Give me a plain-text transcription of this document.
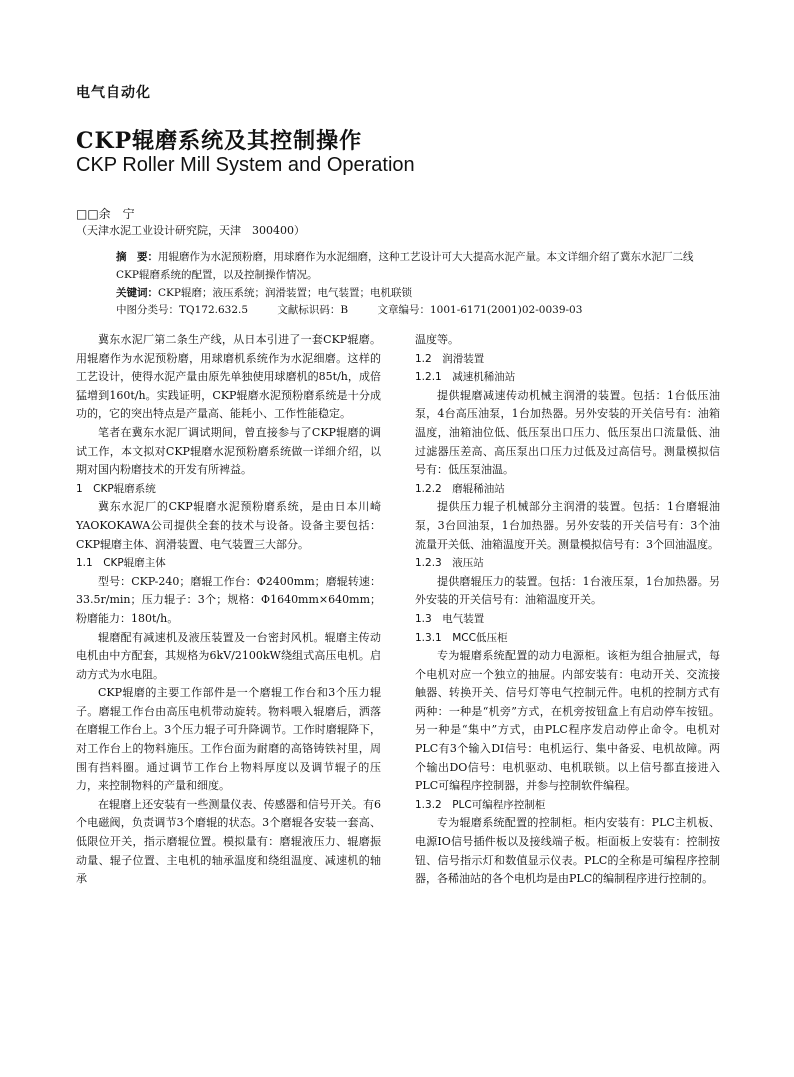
电气自动化
CKP辊磨系统及其控制操作
CKP Roller Mill System and Operation
□□余　宁
（天津水泥工业设计研究院，天津　300400）

摘　要：用辊磨作为水泥预粉磨，用球磨作为水泥细磨，这种工艺设计可大大提高水泥产量。本文详细介绍了冀东水泥厂二线CKP辊磨系统的配置，以及控制操作情况。

关键词：CKP辊磨；液压系统；润滑装置；电气装置；电机联锁

中图分类号：TQ172.632.5	文献标识码：B	文章编号：1001-6171(2001)02-0039-03

冀东水泥厂第二条生产线，从日本引进了一套CKP辊磨。用辊磨作为水泥预粉磨，用球磨机系统作为水泥细磨。这样的工艺设计，使得水泥产量由原先单独使用球磨机的85t/h，成倍猛增到160t/h。实践证明，CKP辊磨水泥预粉磨系统是十分成功的，它的突出特点是产量高、能耗小、工作性能稳定。

笔者在冀东水泥厂调试期间，曾直接参与了CKP辊磨的调试工作，本文拟对CKP辊磨水泥预粉磨系统做一详细介绍，以期对国内粉磨技术的开发有所裨益。

1　CKP辊磨系统

冀东水泥厂的CKP辊磨水泥预粉磨系统，是由日本川崎YAOKOKAWA公司提供全套的技术与设备。设备主要包括：CKP辊磨主体、润滑装置、电气装置三大部分。

1.1　CKP辊磨主体

型号：CKP-240；磨辊工作台：Φ2400mm；磨辊转速：33.5r/min；压力辊子：3个；规格：Φ1640mm×640mm；粉磨能力：180t/h。

辊磨配有减速机及液压装置及一台密封风机。辊磨主传动电机由中方配套，其规格为6kV/2100kW绕组式高压电机。启动方式为水电阻。

CKP辊磨的主要工作部件是一个磨辊工作台和3个压力辊子。磨辊工作台由高压电机带动旋转。物料喂入辊磨后，洒落在磨辊工作台上。3个压力辊子可升降调节。工作时磨辊降下，对工作台上的物料施压。工作台面为耐磨的高铬铸铁衬里，周围有挡料圈。通过调节工作台上物料厚度以及调节辊子的压力，来控制物料的产量和细度。

在辊磨上还安装有一些测量仪表、传感器和信号开关。有6个电磁阀，负责调节3个磨辊的状态。3个磨辊各安装一套高、低限位开关，指示磨辊位置。模拟量有：磨辊液压力、辊磨振动量、辊子位置、主电机的轴承温度和绕组温度、减速机的轴承

温度等。

1.2　润滑装置

1.2.1　减速机稀油站

提供辊磨减速传动机械主润滑的装置。包括：1台低压油泵，4台高压油泵，1台加热器。另外安装的开关信号有：油箱温度，油箱油位低、低压泵出口压力、低压泵出口流量低、油过滤器压差高、高压泵出口压力过低及过高信号。测量模拟信号有：低压泵油温。

1.2.2　磨辊稀油站

提供压力辊子机械部分主润滑的装置。包括：1台磨辊油泵，3台回油泵，1台加热器。另外安装的开关信号有：3个油流量开关低、油箱温度开关。测量模拟信号有：3个回油温度。

1.2.3　液压站

提供磨辊压力的装置。包括：1台液压泵，1台加热器。另外安装的开关信号有：油箱温度开关。

1.3　电气装置

1.3.1　MCC低压柜

专为辊磨系统配置的动力电源柜。该柜为组合抽屉式，每个电机对应一个独立的抽屉。内部安装有：电动开关、交流接触器、转换开关、信号灯等电气控制元件。电机的控制方式有两种：一种是“机旁”方式，在机旁按钮盒上有启动停车按钮。另一种是“集中”方式，由PLC程序发启动停止命令。电机对PLC有3个输入DI信号：电机运行、集中备妥、电机故障。两个输出DO信号：电机驱动、电机联锁。以上信号都直接进入PLC可编程序控制器，并参与控制软件编程。

1.3.2　PLC可编程序控制柜

专为辊磨系统配置的控制柜。柜内安装有：PLC主机板、电源IO信号插件板以及接线端子板。柜面板上安装有：控制按钮、信号指示灯和数值显示仪表。PLC的全称是可编程序控制器，各稀油站的各个电机均是由PLC的编制程序进行控制的。
